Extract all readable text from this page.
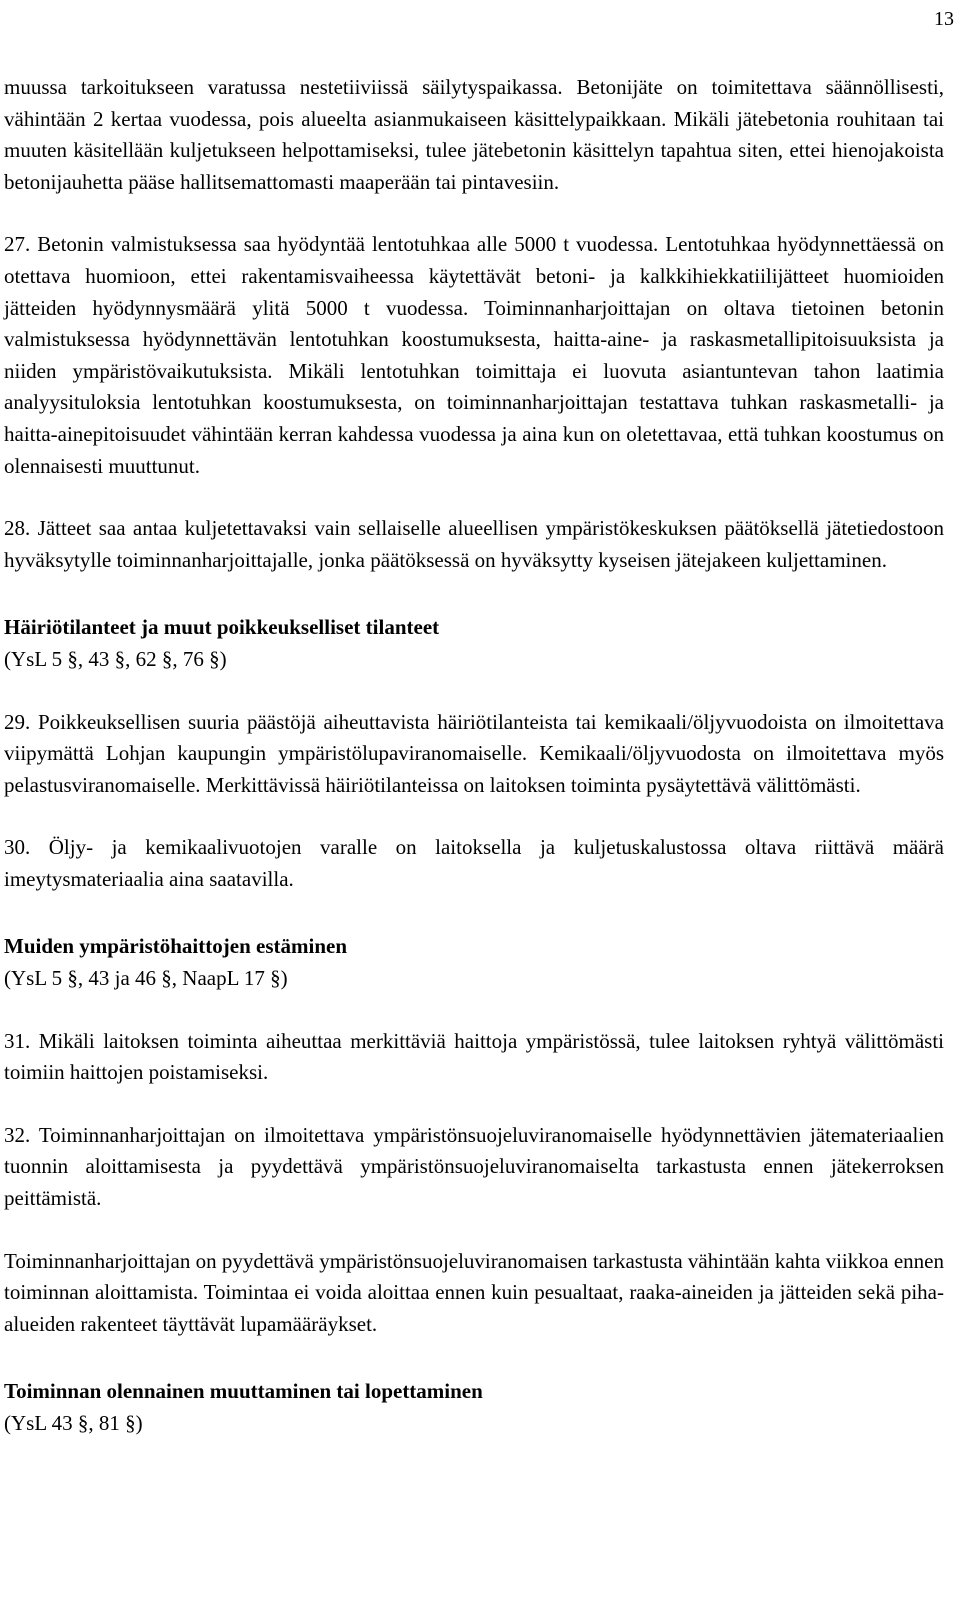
13

muussa tarkoitukseen varatussa nestetiiviissä säilytyspaikassa. Betonijäte on toimitettava säännöllisesti, vähintään 2 kertaa vuodessa, pois alueelta asianmukaiseen käsittelypaikkaan. Mikäli jätebetonia rouhitaan tai muuten käsitellään kuljetukseen helpottamiseksi, tulee jätebetonin käsittelyn tapahtua siten, ettei hienojakoista betonijauhetta pääse hallitsemattomasti maaperään tai pintavesiin.

27. Betonin valmistuksessa saa hyödyntää lentotuhkaa alle 5000 t vuodessa. Lentotuhkaa hyödynnettäessä on otettava huomioon, ettei rakentamisvaiheessa käytettävät betoni- ja kalkkihiekkatiilijätteet huomioiden jätteiden hyödynnysmäärä ylitä 5000 t vuodessa. Toiminnanharjoittajan on oltava tietoinen betonin valmistuksessa hyödynnettävän lentotuhkan koostumuksesta, haitta-aine- ja raskasmetallipitoisuuksista ja niiden ympäristövaikutuksista. Mikäli lentotuhkan toimittaja ei luovuta asiantuntevan tahon laatimia analyysituloksia lentotuhkan koostumuksesta, on toiminnanharjoittajan testattava tuhkan raskasmetalli- ja haitta-ainepitoisuudet vähintään kerran kahdessa vuodessa ja aina kun on oletettavaa, että tuhkan koostumus on olennaisesti muuttunut.

28. Jätteet saa antaa kuljetettavaksi vain sellaiselle alueellisen ympäristökeskuksen päätöksellä jätetiedostoon hyväksytylle toiminnanharjoittajalle, jonka päätöksessä on hyväksytty kyseisen jätejakeen kuljettaminen.

Häiriötilanteet ja muut poikkeukselliset tilanteet

(YsL 5 §, 43 §, 62 §, 76 §)

29. Poikkeuksellisen suuria päästöjä aiheuttavista häiriötilanteista tai kemikaali/öljyvuodoista on ilmoitettava viipymättä Lohjan kaupungin ympäristölupaviranomaiselle. Kemikaali/öljyvuodosta on ilmoitettava myös pelastusviranomaiselle. Merkittävissä häiriötilanteissa on laitoksen toiminta pysäytettävä välittömästi.

30. Öljy- ja kemikaalivuotojen varalle on laitoksella ja kuljetuskalustossa oltava riittävä määrä imeytysmateriaalia aina saatavilla.

Muiden ympäristöhaittojen estäminen

(YsL 5 §, 43 ja 46 §, NaapL 17 §)

31. Mikäli laitoksen toiminta aiheuttaa merkittäviä haittoja ympäristössä, tulee laitoksen ryhtyä välittömästi toimiin haittojen poistamiseksi.

32. Toiminnanharjoittajan on ilmoitettava ympäristönsuojeluviranomaiselle hyödynnettävien jätemateriaalien tuonnin aloittamisesta ja pyydettävä ympäristönsuojeluviranomaiselta tarkastusta ennen jätekerroksen peittämistä.

Toiminnanharjoittajan on pyydettävä ympäristönsuojeluviranomaisen tarkastusta vähintään kahta viikkoa ennen toiminnan aloittamista. Toimintaa ei voida aloittaa ennen kuin pesualtaat, raaka-aineiden ja jätteiden sekä piha-alueiden rakenteet täyttävät lupamääräykset.

Toiminnan olennainen muuttaminen tai lopettaminen

(YsL 43 §, 81 §)
